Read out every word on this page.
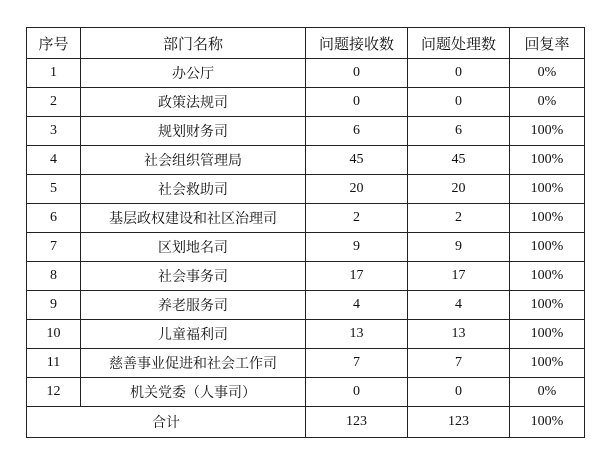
序号	部门名称	问题接收数	问题处理数	回复率
1	办公厅	0	0	0%
2	政策法规司	0	0	0%
3	规划财务司	6	6	100%
4	社会组织管理局	45	45	100%
5	社会救助司	20	20	100%
6	基层政权建设和社区治理司	2	2	100%
7	区划地名司	9	9	100%
8	社会事务司	17	17	100%
9	养老服务司	4	4	100%
10	儿童福利司	13	13	100%
11	慈善事业促进和社会工作司	7	7	100%
12	机关党委（人事司）	0	0	0%
合计		123	123	100%
